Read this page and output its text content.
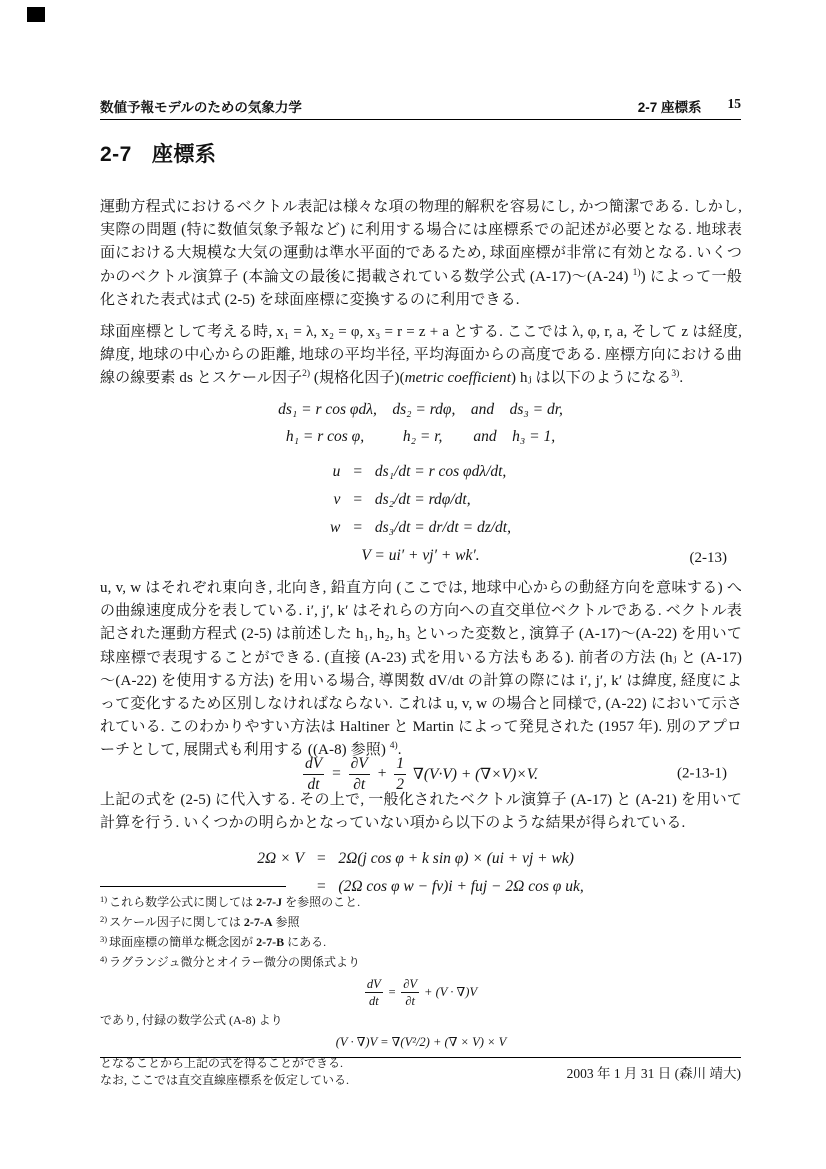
数値予報モデルのための気象力学	2-7 座標系 15
2-7 座標系

運動方程式におけるベクトル表記は様々な項の物理的解釈を容易にし, かつ簡潔である. しかし, 実際の問題 (特に数値気象予報など) に利用する場合には座標系での記述が必要となる. 地球表面における大規模な大気の運動は準水平面的であるため, 球面座標が非常に有効となる. いくつかのベクトル演算子 (本論文の最後に掲載されている数学公式 (A-17)～(A-24) $^{1)}$) によって一般化された表式は式 (2-5) を球面座標に変換するのに利用できる.

球面座標として考える時, x₁ = λ, x₂ = φ, x₃ = r = z + a とする. ここでは λ, φ, r, a, そして z は経度, 緯度, 地球の中心からの距離, 地球の平均半径, 平均海面からの高度である. 座標方向における曲線の線要素 ds とスケール因子$^{2)}$ (規格化因子)(metric coefficient) hⱼ は以下のようになる$^{3)}$.

ds₁ = r cos φdλ,    ds₂ = rdφ,    and    ds₃ = dr,
h₁ = r cos φ,          h₂ = r,        and    h₃ = 1,
u = ds₁/dt = r cos φdλ/dt,
v = ds₂/dt = rdφ/dt,
w = ds₃/dt = dr/dt = dz/dt,
V = ui′ + vj′ + wk′.	(2-13)

u, v, w はそれぞれ東向き, 北向き, 鉛直方向 (ここでは, 地球中心からの動経方向を意味する) への曲線速度成分を表している. i′, j′, k′ はそれらの方向への直交単位ベクトルである. ベクトル表記された運動方程式 (2-5) は前述した h₁, h₂, h₃ といった変数と, 演算子 (A-17)～(A-22) を用いて球座標で表現することができる. (直接 (A-23) 式を用いる方法もある). 前者の方法 (hⱼ と (A-17)～(A-22) を使用する方法) を用いる場合, 導関数 dV/dt の計算の際には i′, j′, k′ は緯度, 経度によって変化するため区別しなければならない. これは u, v, w の場合と同様で, (A-22) において示されている. このわかりやすい方法は Haltiner と Martin によって発見された (1957 年). 別のアプローチとして, 展開式も利用する ((A-8) 参照) $^{4)}$.

$\frac{dV}{dt} = \frac{\partial V}{\partial t} + \frac{1}{2} \nabla(V\cdot V) + (\nabla\times V)\times V$.	(2-13-1)

上記の式を (2-5) に代入する. その上で, 一般化されたベクトル演算子 (A-17) と (A-21) を用いて計算を行う. いくつかの明らかとなっていない項から以下のような結果が得られている.

2Ω × V = 2Ω(j cos φ + k sin φ) × (ui + vj + wk)
= (2Ω cos φ w − fv)i + fuj − 2Ω cos φ uk,

$^{1)}$ これら数学公式に関しては 2-7-J を参照のこと.

$^{2)}$ スケール因子に関しては 2-7-A 参照

$^{3)}$ 球面座標の簡単な概念図が 2-7-B にある.

$^{4)}$ ラグランジュ微分とオイラー微分の関係式より

$\frac{dV}{dt} = \frac{\partial V}{\partial t} + (V \cdot \nabla)V$

であり, 付録の数学公式 (A-8) より

(V · ∇)V = ∇(V²/2) + (∇ × V) × V

となることから上記の式を得ることができる.

なお, ここでは直交直線座標系を仮定している.	2003 年 1 月 31 日 (森川 靖大)
